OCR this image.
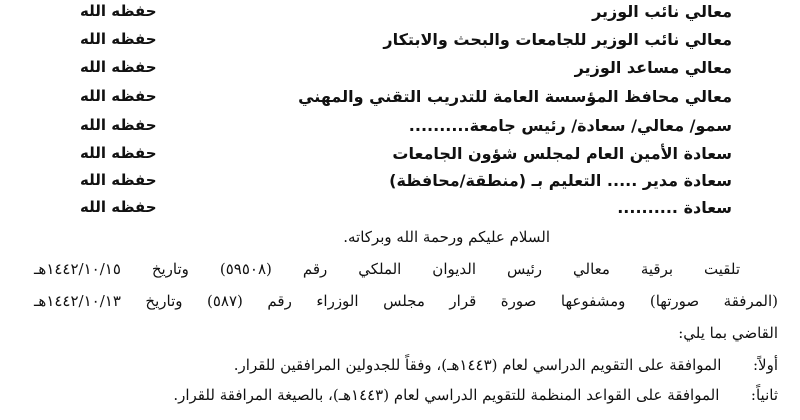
معالي نائب الوزير
حفظه الله
معالي نائب الوزير للجامعات والبحث والابتكار
حفظه الله
معالي مساعد الوزير
حفظه الله
معالي محافظ المؤسسة العامة للتدريب التقني والمهني
حفظه الله
سمو/ معالي/ سعادة/ رئيس جامعة..........
حفظه الله
سعادة الأمين العام لمجلس شؤون الجامعات
حفظه الله
سعادة مدير ..... التعليم بـ (منطقة/محافظة)
حفظه الله
سعادة ..........
حفظه الله
السلام عليكم ورحمة الله وبركاته.
تلقيت برقية معالي رئيس الديوان الملكي رقم (٥٩٥٠٨) وتاريخ ١٤٤٢/١٠/١٥هـ
(المرفقة صورتها) ومشفوعها صورة قرار مجلس الوزراء رقم (٥٨٧) وتاريخ ١٤٤٢/١٠/١٣هـ
القاضي بما يلي:
أولاً:  الموافقة على التقويم الدراسي لعام (١٤٤٣هـ)، وفقاً للجدولين المرافقين للقرار.
ثانياً:  الموافقة على القواعد المنظمة للتقويم الدراسي لعام (١٤٤٣هـ)، بالصيغة المرافقة للقرار.
